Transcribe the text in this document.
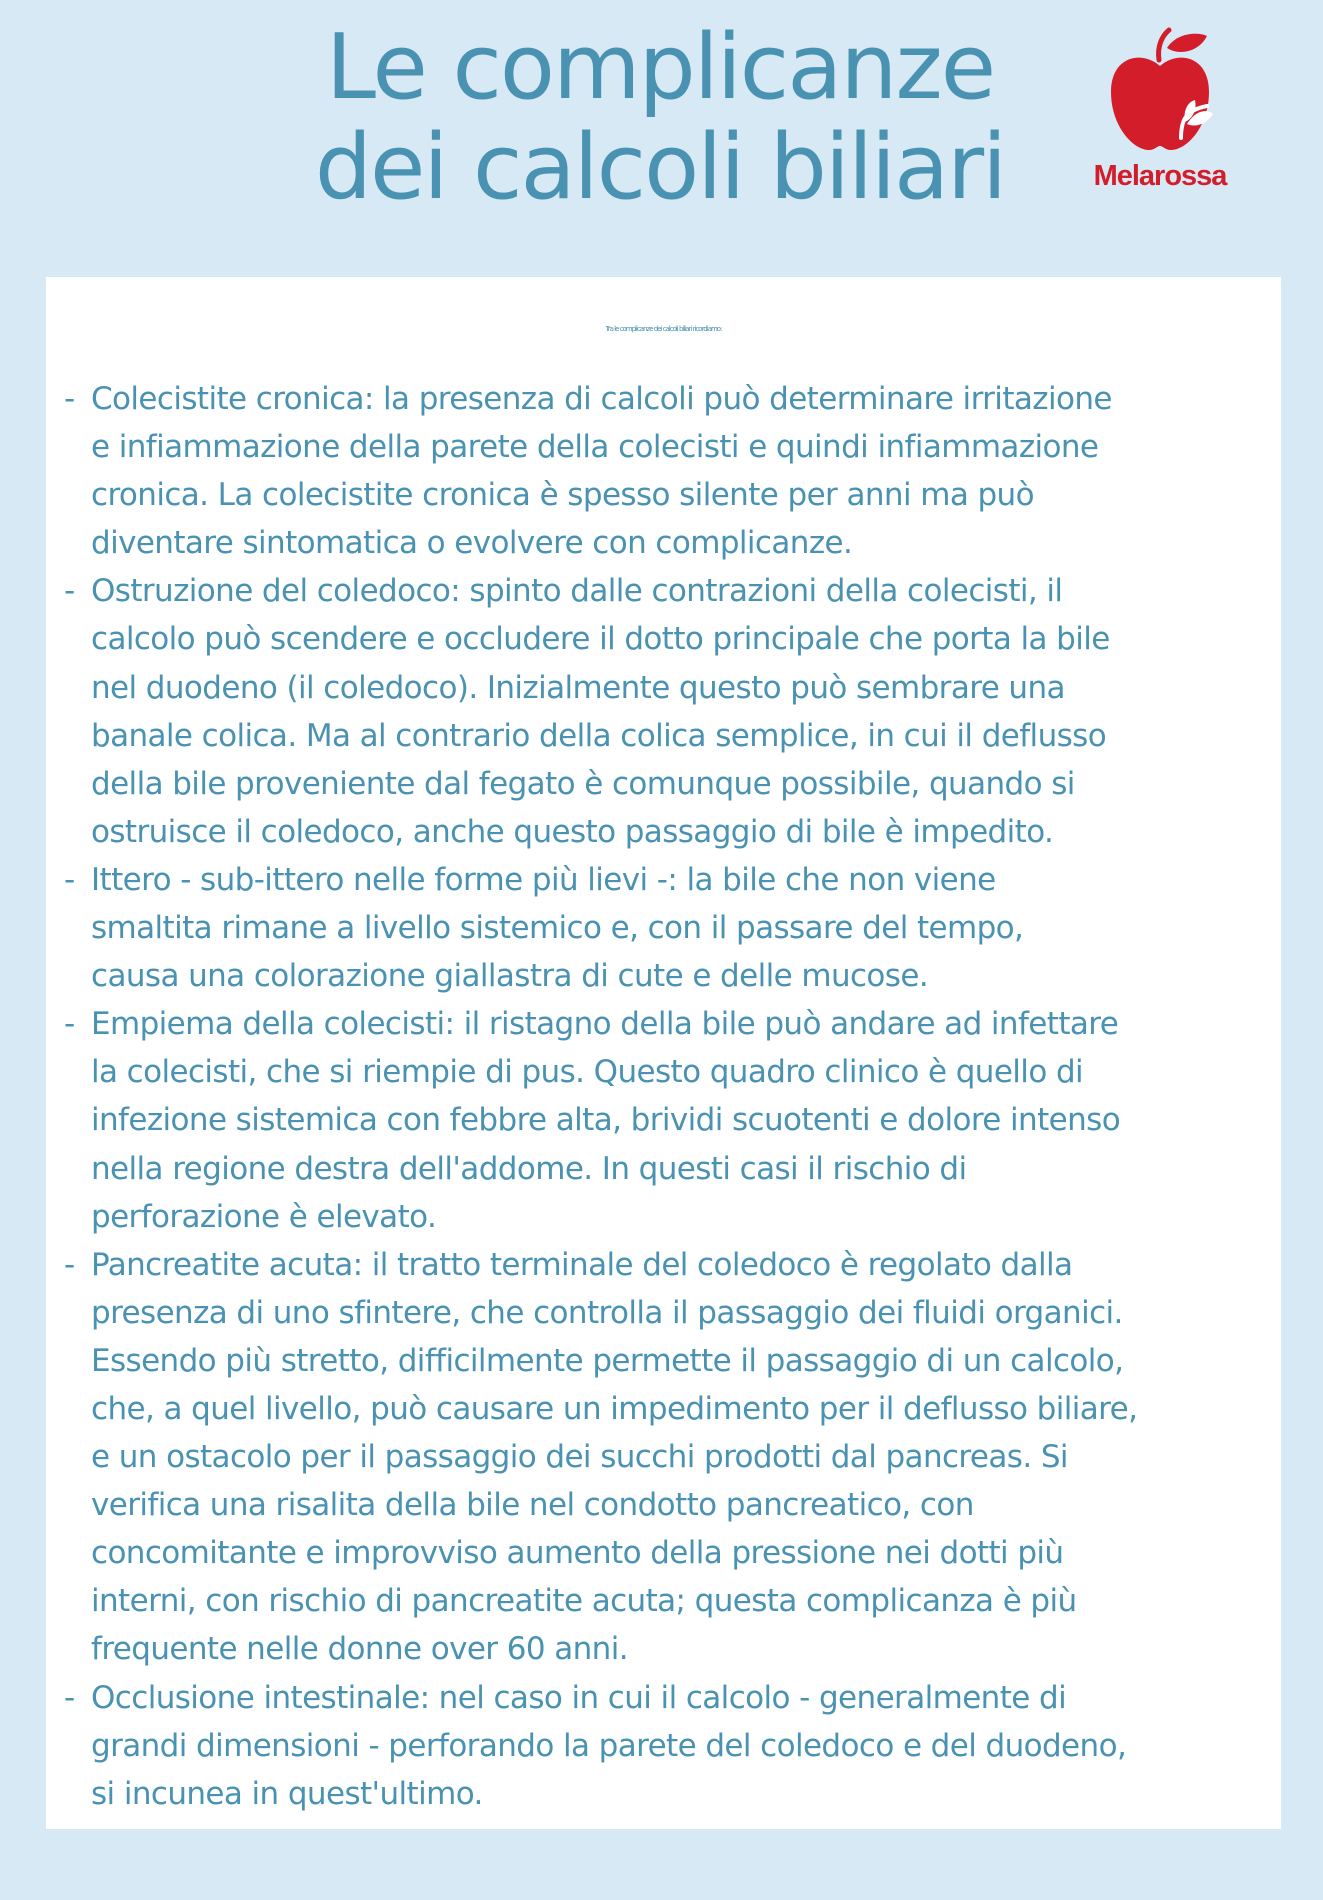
Le complicanze
dei calcoli biliari	Melarossa

Tra le complicanze dei calcoli biliari ricordiamo:

- Colecistite cronica: la presenza di calcoli può determinare irritazione
e infiammazione della parete della colecisti e quindi infiammazione
cronica. La colecistite cronica è spesso silente per anni ma può
diventare sintomatica o evolvere con complicanze.
- Ostruzione del coledoco: spinto dalle contrazioni della colecisti, il
calcolo può scendere e occludere il dotto principale che porta la bile
nel duodeno (il coledoco). Inizialmente questo può sembrare una
banale colica. Ma al contrario della colica semplice, in cui il deflusso
della bile proveniente dal fegato è comunque possibile, quando si
ostruisce il coledoco, anche questo passaggio di bile è impedito.
- Ittero - sub-ittero nelle forme più lievi -: la bile che non viene
smaltita rimane a livello sistemico e, con il passare del tempo,
causa una colorazione giallastra di cute e delle mucose.
- Empiema della colecisti: il ristagno della bile può andare ad infettare
la colecisti, che si riempie di pus. Questo quadro clinico è quello di
infezione sistemica con febbre alta, brividi scuotenti e dolore intenso
nella regione destra dell'addome. In questi casi il rischio di
perforazione è elevato.
- Pancreatite acuta: il tratto terminale del coledoco è regolato dalla
presenza di uno sfintere, che controlla il passaggio dei fluidi organici.
Essendo più stretto, difficilmente permette il passaggio di un calcolo,
che, a quel livello, può causare un impedimento per il deflusso biliare,
e un ostacolo per il passaggio dei succhi prodotti dal pancreas. Si
verifica una risalita della bile nel condotto pancreatico, con
concomitante e improvviso aumento della pressione nei dotti più
interni, con rischio di pancreatite acuta; questa complicanza è più
frequente nelle donne over 60 anni.
- Occlusione intestinale: nel caso in cui il calcolo - generalmente di
grandi dimensioni - perforando la parete del coledoco e del duodeno,
si incunea in quest'ultimo.
